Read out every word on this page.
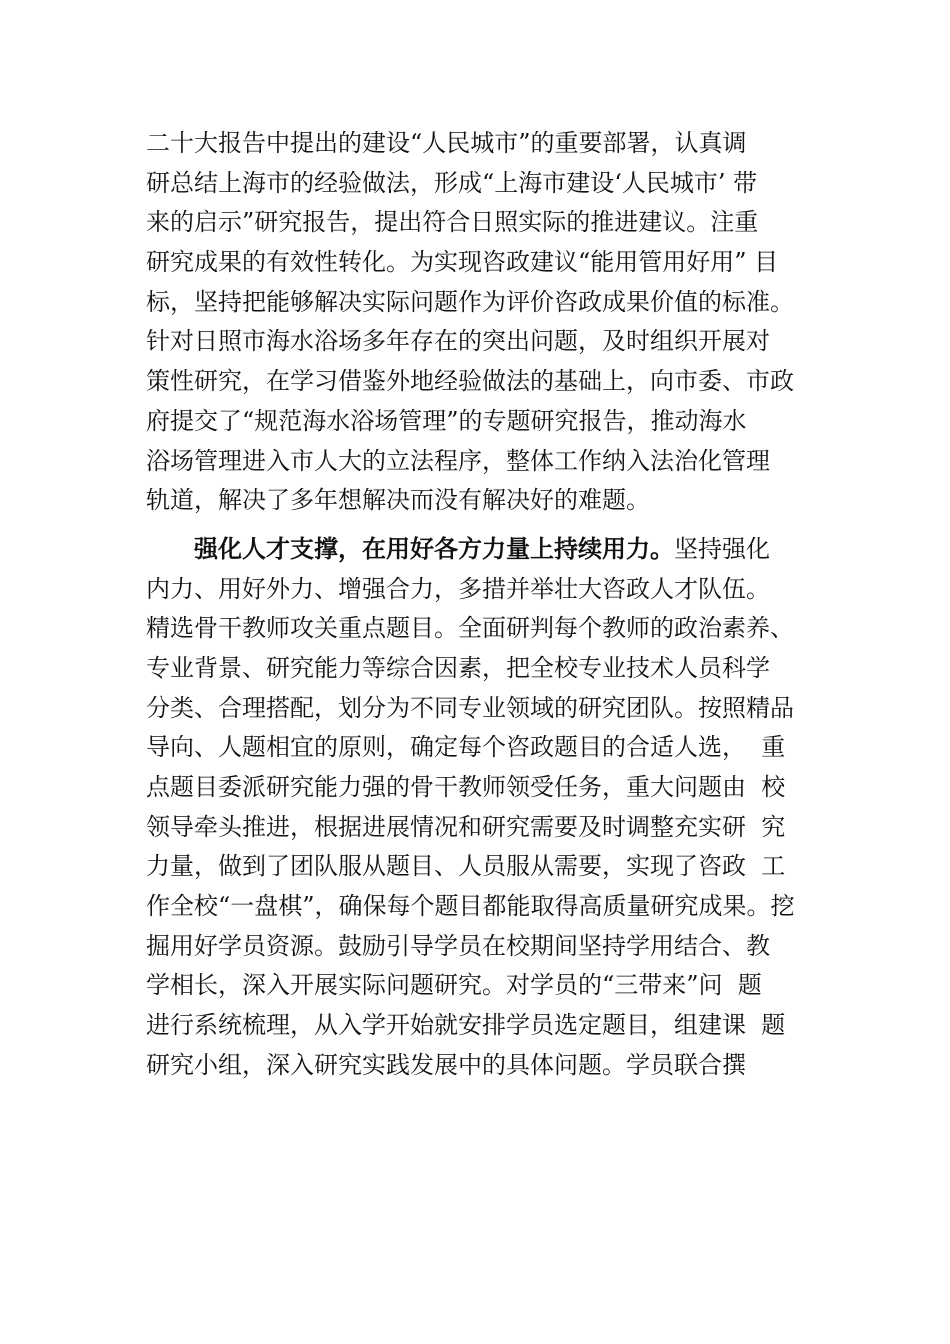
二十大报告中提出的建设“人民城市”的重要部署，认真调
研总结上海市的经验做法，形成“上海市建设‘人民城市’ 带
来的启示”研究报告，提出符合日照实际的推进建议。注重
研究成果的有效性转化。为实现咨政建议“能用管用好用” 目
标，坚持把能够解决实际问题作为评价咨政成果价值的标准。
针对日照市海水浴场多年存在的突出问题，及时组织开展对
策性研究，在学习借鉴外地经验做法的基础上，向市委、市政
府提交了“规范海水浴场管理”的专题研究报告，推动海水
浴场管理进入市人大的立法程序，整体工作纳入法治化管理
轨道，解决了多年想解决而没有解决好的难题。
强化人才支撑，在用好各方力量上持续用力。坚持强化
内力、用好外力、增强合力，多措并举壮大咨政人才队伍。
精选骨干教师攻关重点题目。全面研判每个教师的政治素养、
专业背景、研究能力等综合因素，把全校专业技术人员科学
分类、合理搭配，划分为不同专业领域的研究团队。按照精品
导向、人题相宜的原则，确定每个咨政题目的合适人选，  重
点题目委派研究能力强的骨干教师领受任务，重大问题由  校
领导牵头推进，根据进展情况和研究需要及时调整充实研  究
力量，做到了团队服从题目、人员服从需要，实现了咨政  工
作全校“一盘棋”，确保每个题目都能取得高质量研究成果。挖
掘用好学员资源。鼓励引导学员在校期间坚持学用结合、教
学相长，深入开展实际问题研究。对学员的“三带来”问  题
进行系统梳理，从入学开始就安排学员选定题目，组建课  题
研究小组，深入研究实践发展中的具体问题。学员联合撰
